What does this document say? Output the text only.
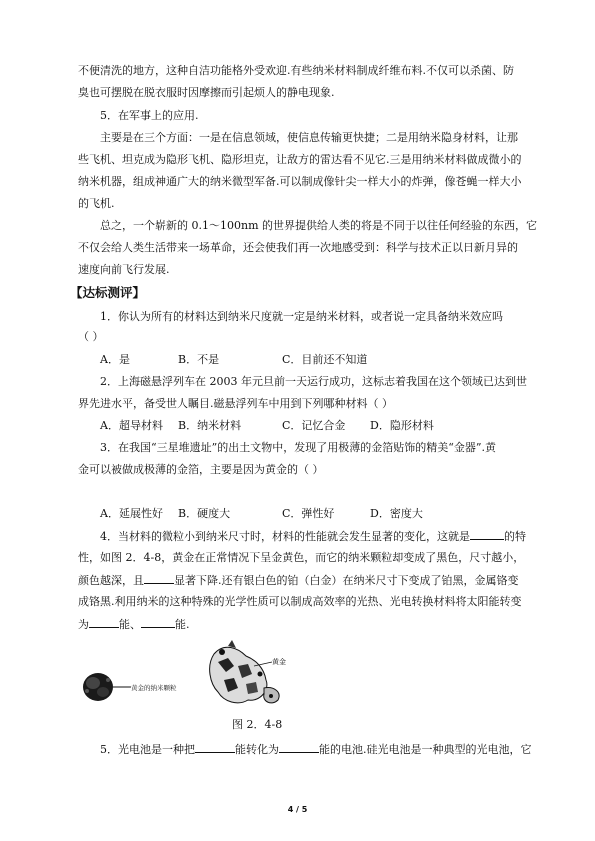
不便清洗的地方，这种自洁功能格外受欢迎.有些纳米材料制成纤维布料.不仅可以杀菌、防
臭也可摆脱在脱衣服时因摩擦而引起烦人的静电现象.
5．在军事上的应用.
主要是在三个方面：一是在信息领域，使信息传输更快捷；二是用纳米隐身材料，让那
些飞机、坦克成为隐形飞机、隐形坦克，让敌方的雷达看不见它.三是用纳米材料做成微小的
纳米机器，组成神通广大的纳米微型军备.可以制成像针尖一样大小的炸弹，像苍蝇一样大小
的飞机.
总之，一个崭新的 0.1～100nm 的世界提供给人类的将是不同于以往任何经验的东西，它
不仅会给人类生活带来一场革命，还会使我们再一次地感受到：科学与技术正以日新月异的
速度向前飞行发展.
【达标测评】
1．你认为所有的材料达到纳米尺度就一定是纳米材料，或者说一定具备纳米效应吗
（ ）
A．是	B．不是	C．目前还不知道
2．上海磁悬浮列车在 2003 年元旦前一天运行成功，这标志着我国在这个领域已达到世
界先进水平，备受世人瞩目.磁悬浮列车中用到下列哪种材料（ ）
A．超导材料 B．纳米材料	C．记忆合金 D．隐形材料
3．在我国“三星堆遗址”的出土文物中，发现了用极薄的金箔贴饰的精美“金器”.黄
金可以被做成极薄的金箔，主要是因为黄金的（ ）
A．延展性好 B．硬度大	C．弹性好	D．密度大
4．当材料的微粒小到纳米尺寸时，材料的性能就会发生显著的变化，这就是	的特
性，如图 2．4-8，黄金在正常情况下呈金黄色，而它的纳米颗粒却变成了黑色，尺寸越小，
颜色越深，且	显著下降.还有银白色的铂（白金）在纳米尺寸下变成了铂黑，金属铬变
成铬黑.利用纳米的这种特殊的光学性质可以制成高效率的光热、光电转换材料将太阳能转变
为	能、	能.
黄金的纳米颗粒
黄金
图 2．4-8
5．光电池是一种把	能转化为	能的电池.硅光电池是一种典型的光电池，它
4 / 5
